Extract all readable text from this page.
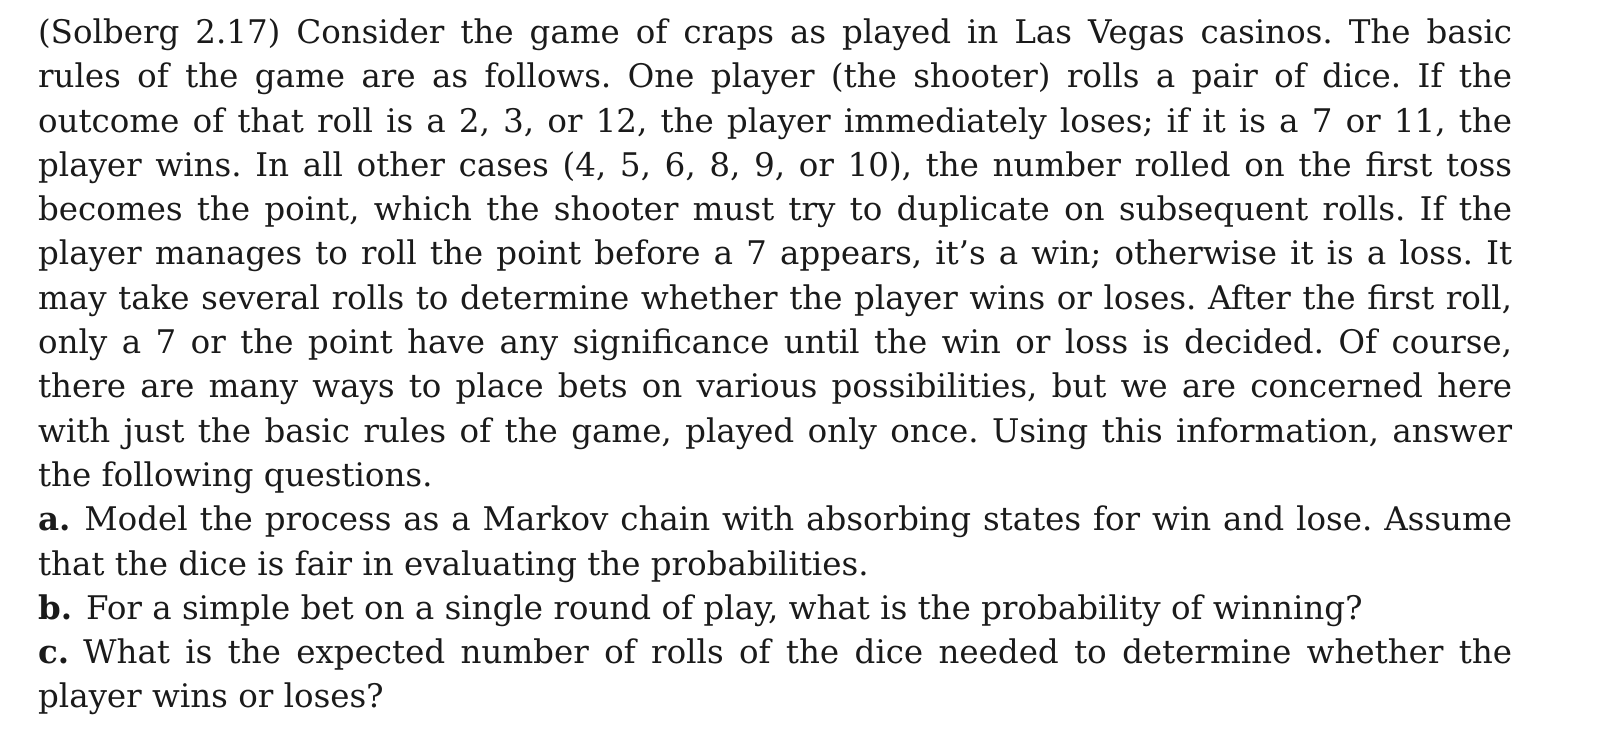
(Solberg 2.17) Consider the game of craps as played in Las Vegas casinos. The basic rules of the game are as follows. One player (the shooter) rolls a pair of dice. If the outcome of that roll is a 2, 3, or 12, the player immediately loses; if it is a 7 or 11, the player wins. In all other cases (4, 5, 6, 8, 9, or 10), the number rolled on the first toss becomes the point, which the shooter must try to duplicate on subsequent rolls. If the player manages to roll the point before a 7 appears, it’s a win; otherwise it is a loss. It may take several rolls to determine whether the player wins or loses. After the first roll, only a 7 or the point have any significance until the win or loss is decided. Of course, there are many ways to place bets on various possibilities, but we are concerned here with just the basic rules of the game, played only once. Using this information, answer the following questions.

a. Model the process as a Markov chain with absorbing states for win and lose. Assume that the dice is fair in evaluating the probabilities.

b. For a simple bet on a single round of play, what is the probability of winning?

c. What is the expected number of rolls of the dice needed to determine whether the player wins or loses?
